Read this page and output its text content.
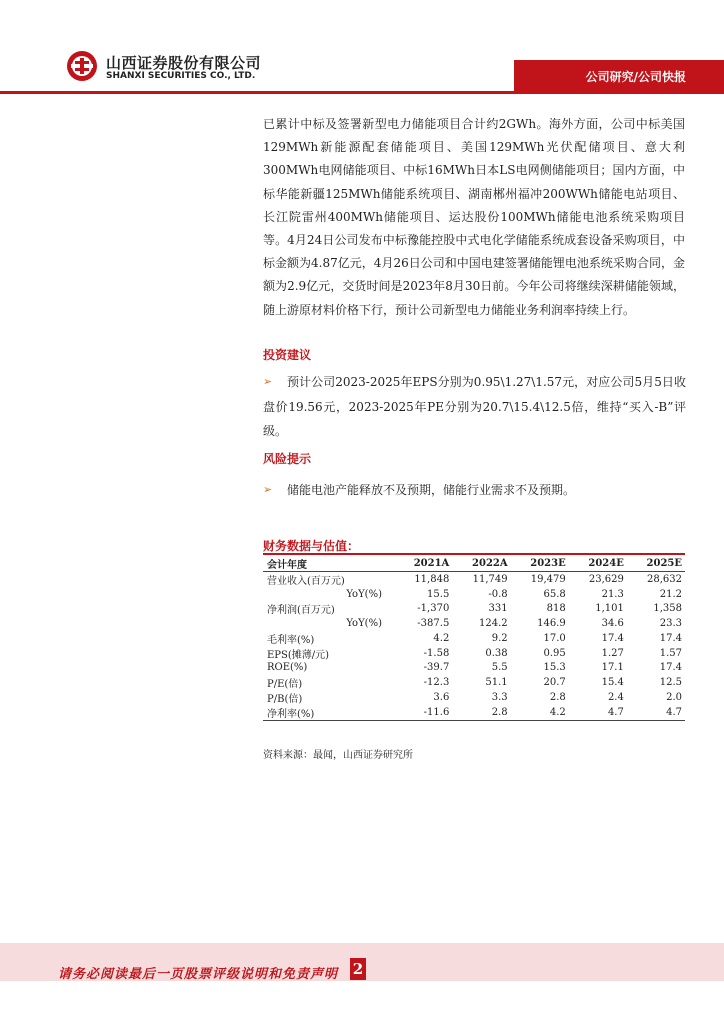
山西证券股份有限公司
SHANXI SECURITIES CO., LTD.	公司研究/公司快报

已累计中标及签署新型电力储能项目合计约2GWh。海外方面，公司中标美国129MWh新能源配套储能项目、美国129MWh光伏配储项目、意大利300MWh电网储能项目、中标16MWh日本LS电网侧储能项目；国内方面，中标华能新疆125MWh储能系统项目、湖南郴州福冲200WWh储能电站项目、长江院雷州400MWh储能项目、运达股份100MWh储能电池系统采购项目等。4月24日公司发布中标豫能控股中式电化学储能系统成套设备采购项目，中标金额为4.87亿元，4月26日公司和中国电建签署储能锂电池系统采购合同，金额为2.9亿元，交货时间是2023年8月30日前。今年公司将继续深耕储能领域，随上游原材料价格下行，预计公司新型电力储能业务利润率持续上行。

投资建议
➢	预计公司2023-2025年EPS分别为0.95\1.27\1.57元，对应公司5月5日收盘价19.56元，2023-2025年PE分别为20.7\15.4\12.5倍，维持“买入-B”评级。

风险提示
➢	储能电池产能释放不及预期，储能行业需求不及预期。

财务数据与估值：
会计年度	2021A	2022A	2023E	2024E	2025E
营业收入(百万元)	11,848	11,749	19,479	23,629	28,632
YoY(%)	15.5	-0.8	65.8	21.3	21.2
净利润(百万元)	-1,370	331	818	1,101	1,358
YoY(%)	-387.5	124.2	146.9	34.6	23.3
毛利率(%)	4.2	9.2	17.0	17.4	17.4
EPS(摊薄/元)	-1.58	0.38	0.95	1.27	1.57
ROE(%)	-39.7	5.5	15.3	17.1	17.4
P/E(倍)	-12.3	51.1	20.7	15.4	12.5
P/B(倍)	3.6	3.3	2.8	2.4	2.0
净利率(%)	-11.6	2.8	4.2	4.7	4.7
资料来源：最闻，山西证券研究所
请务必阅读最后一页股票评级说明和免责声明 2
